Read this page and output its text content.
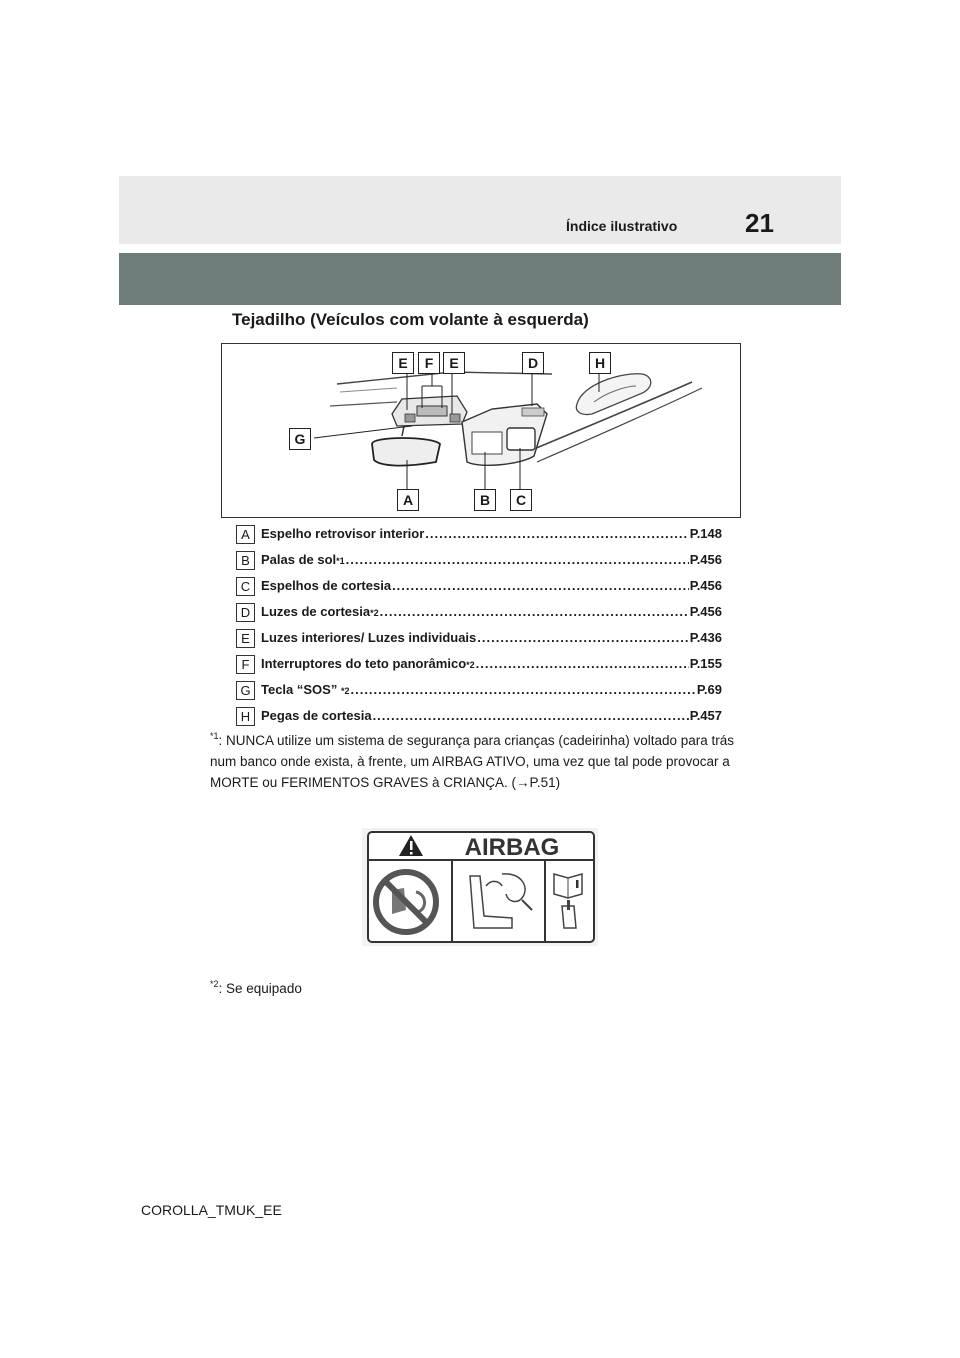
Índice ilustrativo	21
Tejadilho (Veículos com volante à esquerda)
E	F	E	D	H
G
A	B	C
A Espelho retrovisor interior .....	P.148
B Palas de sol *1 .....	P.456
C Espelhos de cortesia .....	P.456
D Luzes de cortesia *2 .....	P.456
E Luzes interiores/ Luzes individuais .....	P.436
F Interruptores do teto panorâmico *2 .....	P.155
G Tecla “SOS” *2 .....	P.69
H Pegas de cortesia .....	P.457
$^{*1}$: NUNCA utilize um sistema de segurança para crianças (cadeirinha) voltado para trás num banco onde exista, à frente, um AIRBAG ATIVO, uma vez que tal pode provocar a MORTE ou FERIMENTOS GRAVES à CRIANÇA. (→P.51)
AIRBAG
$^{*2}$: Se equipado
COROLLA_TMUK_EE
